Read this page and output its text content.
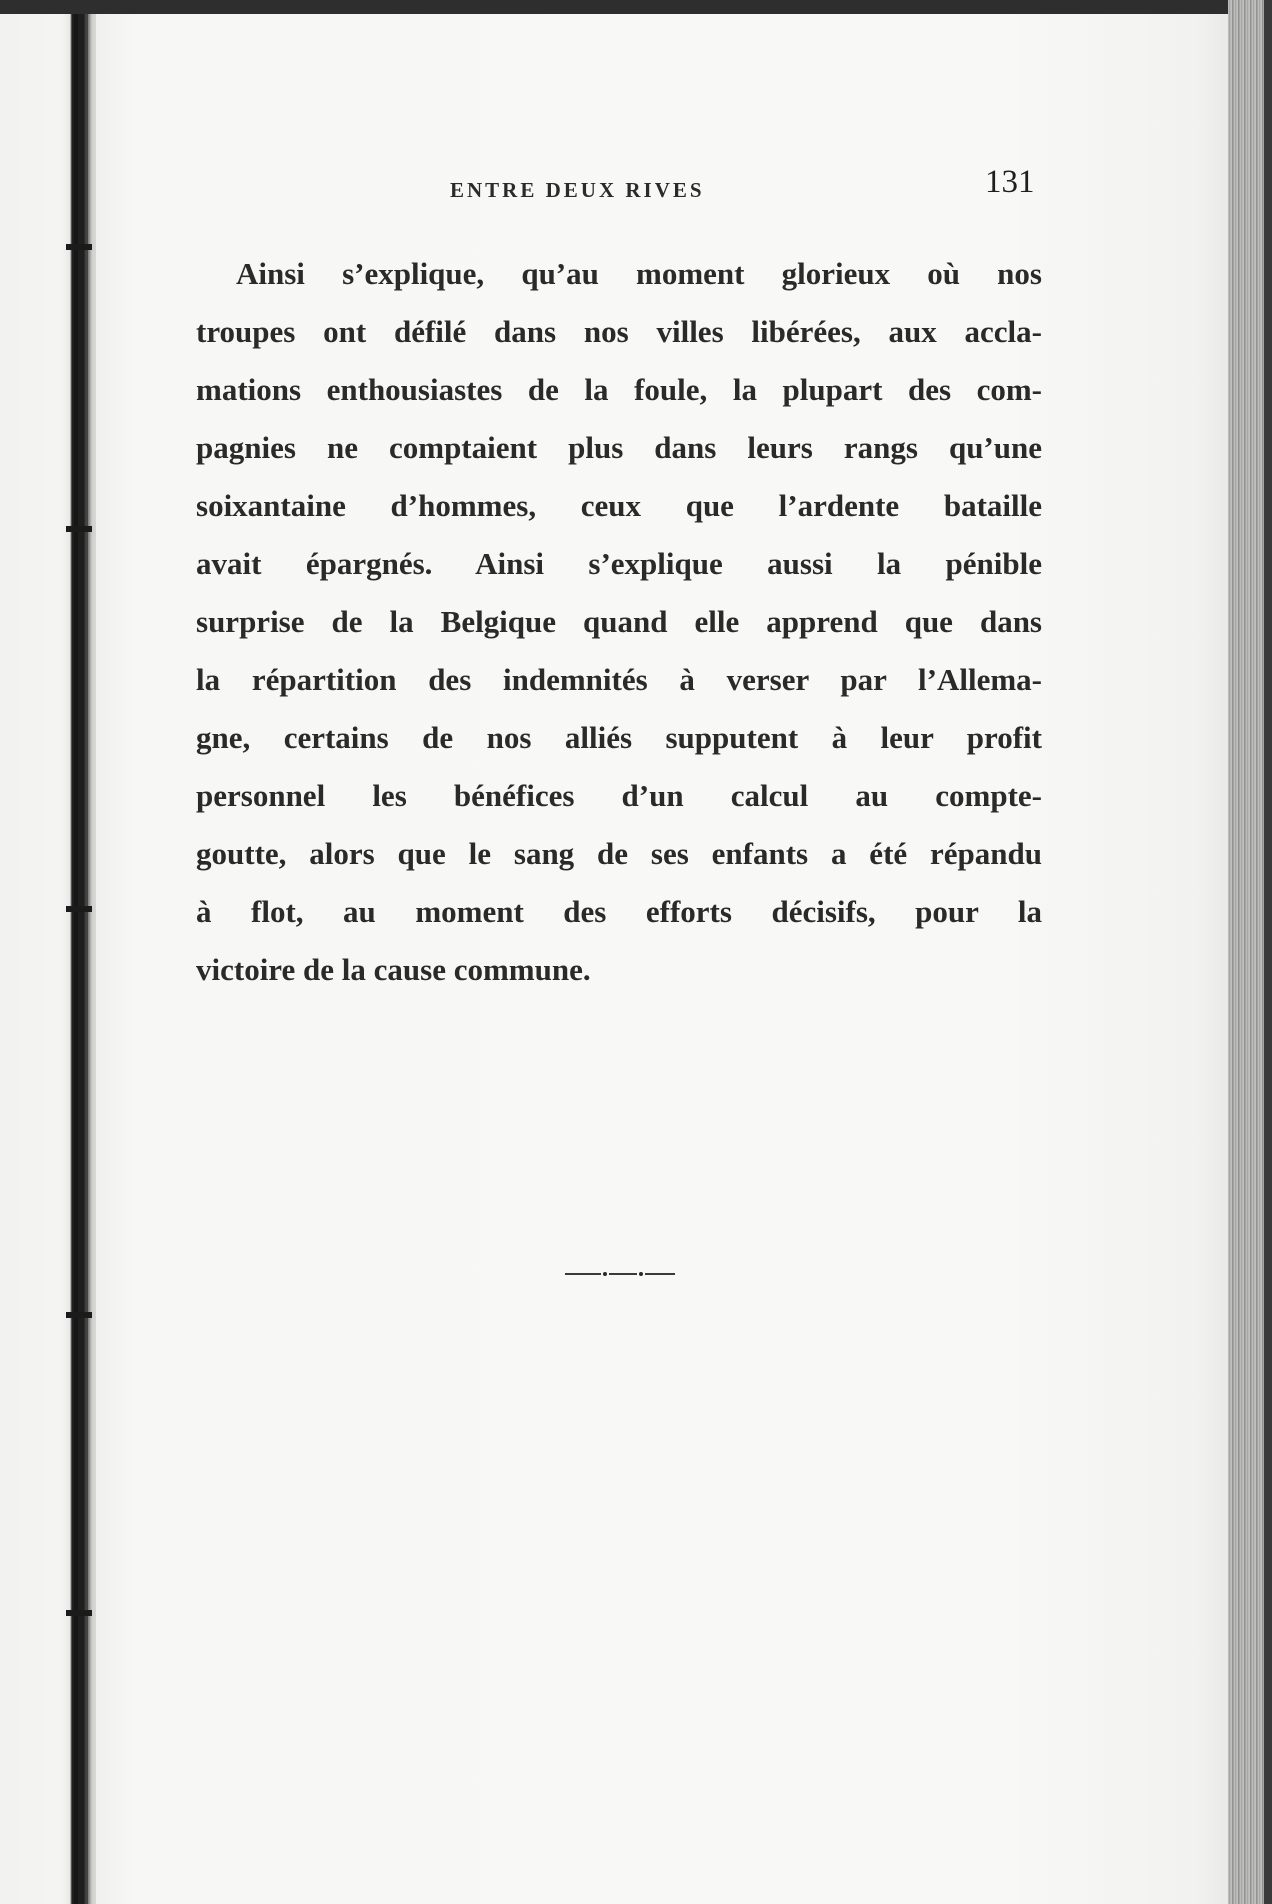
ENTRE DEUX RIVES	131
Ainsi s’explique, qu’au moment glorieux où nos
troupes ont défilé dans nos villes libérées, aux accla-
mations enthousiastes de la foule, la plupart des com-
pagnies ne comptaient plus dans leurs rangs qu’une
soixantaine d’hommes, ceux que l’ardente bataille
avait épargnés. Ainsi s’explique aussi la pénible
surprise de la Belgique quand elle apprend que dans
la répartition des indemnités à verser par l’Allema-
gne, certains de nos alliés supputent à leur profit
personnel les bénéfices d’un calcul au compte-
goutte, alors que le sang de ses enfants a été répandu
à flot, au moment des efforts décisifs, pour la
victoire de la cause commune.
